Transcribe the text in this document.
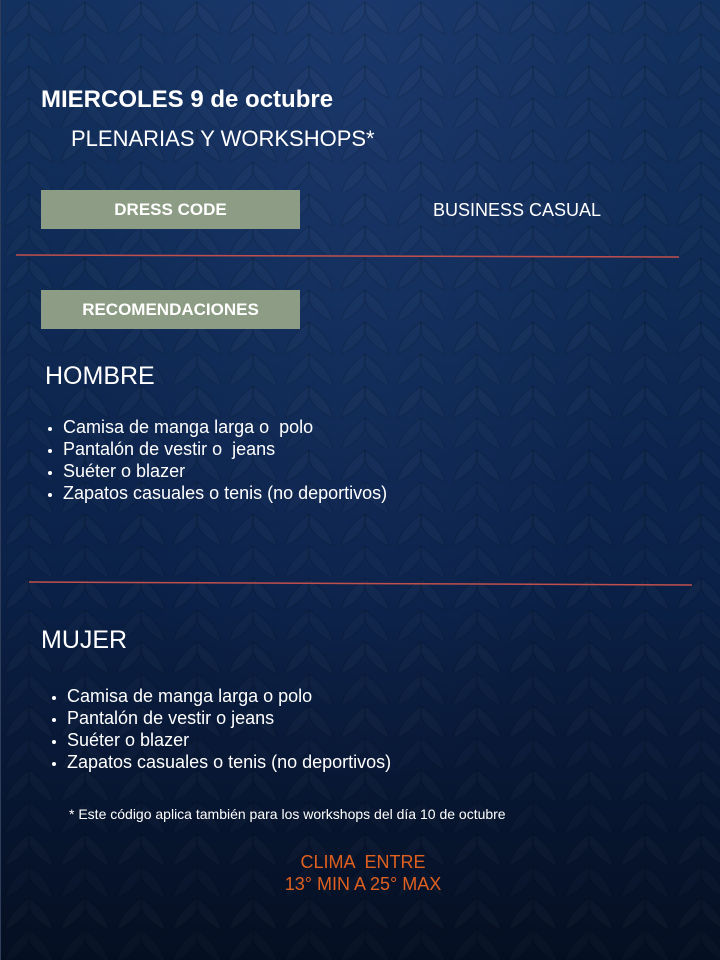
MIERCOLES 9 de octubre
PLENARIAS Y WORKSHOPS*
DRESS CODE	BUSINESS CASUAL
RECOMENDACIONES
HOMBRE
• Camisa de manga larga o  polo
• Pantalón de vestir o  jeans
• Suéter o blazer
• Zapatos casuales o tenis (no deportivos)
MUJER
• Camisa de manga larga o polo
• Pantalón de vestir o jeans
• Suéter o blazer
• Zapatos casuales o tenis (no deportivos)
* Este código aplica también para los workshops del día 10 de octubre
CLIMA  ENTRE
13° MIN A 25° MAX
